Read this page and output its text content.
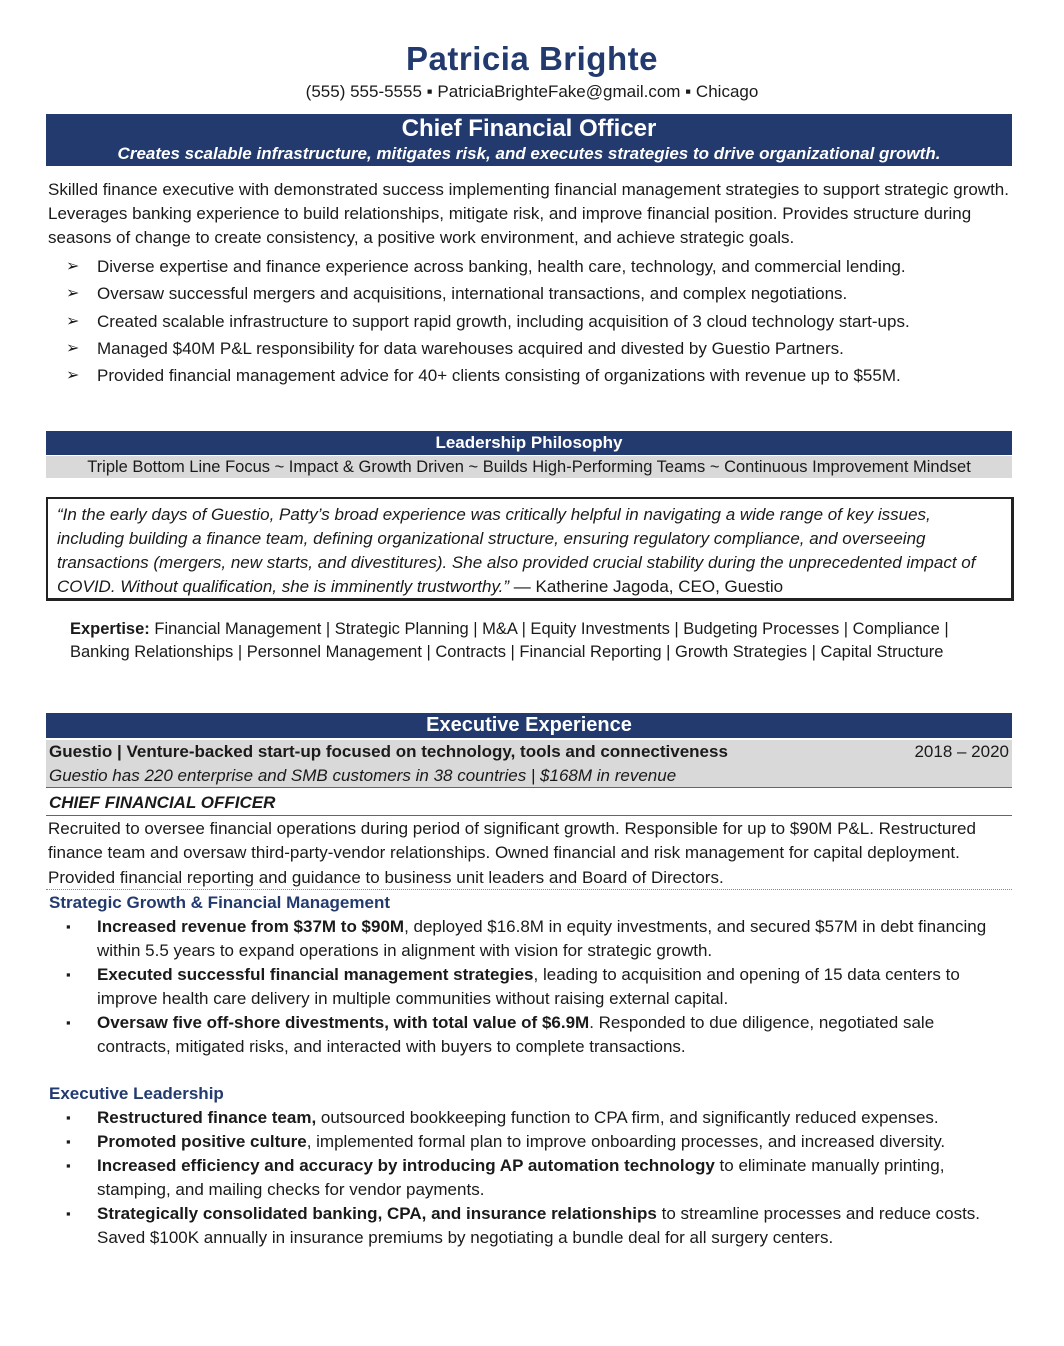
Patricia Brighte
(555) 555-5555 ▪ PatriciaBrighteFake@gmail.com ▪ Chicago
Chief Financial Officer
Creates scalable infrastructure, mitigates risk, and executes strategies to drive organizational growth.
Skilled finance executive with demonstrated success implementing financial management strategies to support strategic growth. Leverages banking experience to build relationships, mitigate risk, and improve financial position. Provides structure during seasons of change to create consistency, a positive work environment, and achieve strategic goals.
➢ Diverse expertise and finance experience across banking, health care, technology, and commercial lending.
➢ Oversaw successful mergers and acquisitions, international transactions, and complex negotiations.
➢ Created scalable infrastructure to support rapid growth, including acquisition of 3 cloud technology start-ups.
➢ Managed $40M P&L responsibility for data warehouses acquired and divested by Guestio Partners.
➢ Provided financial management advice for 40+ clients consisting of organizations with revenue up to $55M.
Leadership Philosophy
Triple Bottom Line Focus ~ Impact & Growth Driven ~ Builds High-Performing Teams ~ Continuous Improvement Mindset
“In the early days of Guestio, Patty’s broad experience was critically helpful in navigating a wide range of key issues, including building a finance team, defining organizational structure, ensuring regulatory compliance, and overseeing transactions (mergers, new starts, and divestitures). She also provided crucial stability during the unprecedented impact of COVID. Without qualification, she is imminently trustworthy.” — Katherine Jagoda, CEO, Guestio
Expertise: Financial Management | Strategic Planning | M&A | Equity Investments | Budgeting Processes | Compliance | Banking Relationships | Personnel Management | Contracts | Financial Reporting | Growth Strategies | Capital Structure
Executive Experience
Guestio | Venture-backed start-up focused on technology, tools and connectiveness	2018 – 2020
Guestio has 220 enterprise and SMB customers in 38 countries | $168M in revenue
CHIEF FINANCIAL OFFICER
Recruited to oversee financial operations during period of significant growth. Responsible for up to $90M P&L. Restructured finance team and oversaw third-party-vendor relationships. Owned financial and risk management for capital deployment. Provided financial reporting and guidance to business unit leaders and Board of Directors.
Strategic Growth & Financial Management
▪ Increased revenue from $37M to $90M, deployed $16.8M in equity investments, and secured $57M in debt financing within 5.5 years to expand operations in alignment with vision for strategic growth.
▪ Executed successful financial management strategies, leading to acquisition and opening of 15 data centers to improve health care delivery in multiple communities without raising external capital.
▪ Oversaw five off-shore divestments, with total value of $6.9M. Responded to due diligence, negotiated sale contracts, mitigated risks, and interacted with buyers to complete transactions.
Executive Leadership
▪ Restructured finance team, outsourced bookkeeping function to CPA firm, and significantly reduced expenses.
▪ Promoted positive culture, implemented formal plan to improve onboarding processes, and increased diversity.
▪ Increased efficiency and accuracy by introducing AP automation technology to eliminate manually printing, stamping, and mailing checks for vendor payments.
▪ Strategically consolidated banking, CPA, and insurance relationships to streamline processes and reduce costs. Saved $100K annually in insurance premiums by negotiating a bundle deal for all surgery centers.
